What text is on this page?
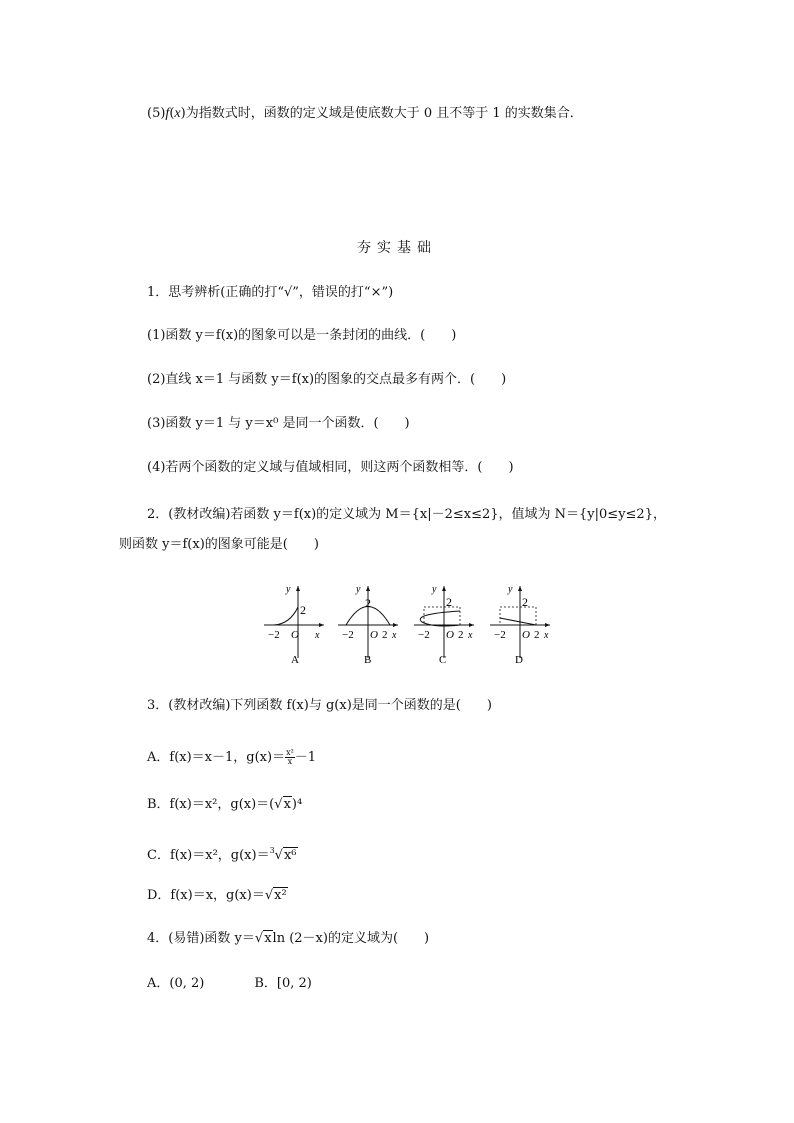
(5)f(x)为指数式时，函数的定义域是使底数大于 0 且不等于 1 的实数集合．
夯实基础
1．思考辨析(正确的打“√”，错误的打“×”)
(1)函数 y＝f(x)的图象可以是一条封闭的曲线．(　　)
(2)直线 x＝1 与函数 y＝f(x)的图象的交点最多有两个．(　　)
(3)函数 y＝1 与 y＝x⁰ 是同一个函数．(　　)
(4)若两个函数的定义域与值域相同，则这两个函数相等．(　　)
2．(教材改编)若函数 y＝f(x)的定义域为 M＝{x|－2≤x≤2}，值域为 N＝{y|0≤y≤2}，
则函数 y＝f(x)的图象可能是(　　)
y
2
−2 O x
A
y
2
−2 O 2 x
B
y
2
−2 O 2 x
C
y
2
−2 O 2 x
D
3．(教材改编)下列函数 f(x)与 g(x)是同一个函数的是(　　)
A．f(x)＝x－1，$g(x)= \frac{\text{x²}}{x} -1$
B．f(x)＝x²，g(x)＝(√x)⁴
C．f(x)＝x²，g(x)＝$^3$√x⁶
D．f(x)＝x，g(x)＝√x²
4．(易错)函数 y＝√xln (2－x)的定义域为(　　)
A．(0, 2)	B．[0, 2)
